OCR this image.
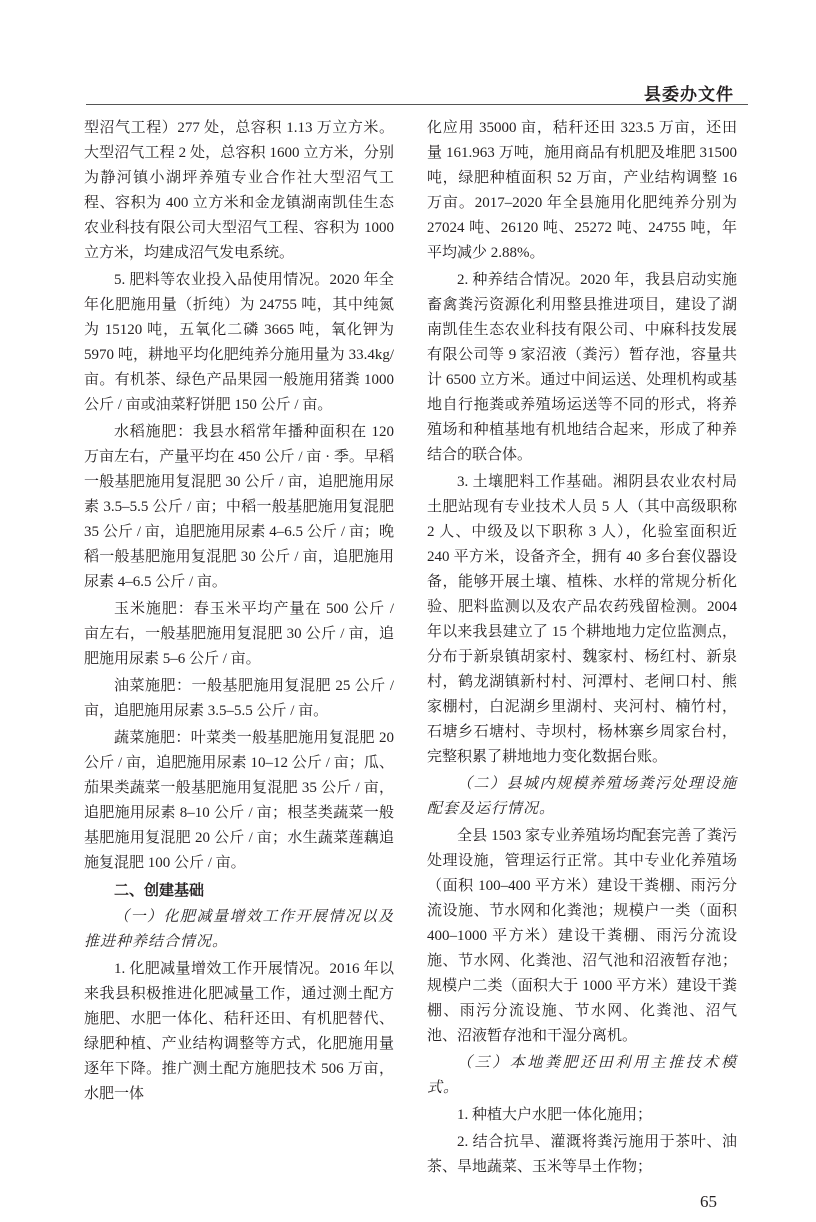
县委办文件

型沼气工程）277 处，总容积 1.13 万立方米。大型沼气工程 2 处，总容积 1600 立方米，分别为静河镇小湖坪养殖专业合作社大型沼气工程、容积为 400 立方米和金龙镇湖南凯佳生态农业科技有限公司大型沼气工程、容积为 1000 立方米，均建成沼气发电系统。

5. 肥料等农业投入品使用情况。2020 年全年化肥施用量（折纯）为 24755 吨，其中纯氮为 15120 吨，五氧化二磷 3665 吨，氧化钾为 5970 吨，耕地平均化肥纯养分施用量为 33.4kg/ 亩。有机茶、绿色产品果园一般施用猪粪 1000 公斤 / 亩或油菜籽饼肥 150 公斤 / 亩。

水稻施肥：我县水稻常年播种面积在 120 万亩左右，产量平均在 450 公斤 / 亩 · 季。早稻一般基肥施用复混肥 30 公斤 / 亩，追肥施用尿素 3.5–5.5 公斤 / 亩；中稻一般基肥施用复混肥 35 公斤 / 亩，追肥施用尿素 4–6.5 公斤 / 亩；晚稻一般基肥施用复混肥 30 公斤 / 亩，追肥施用尿素 4–6.5 公斤 / 亩。

玉米施肥：春玉米平均产量在 500 公斤 / 亩左右，一般基肥施用复混肥 30 公斤 / 亩，追肥施用尿素 5–6 公斤 / 亩。

油菜施肥：一般基肥施用复混肥 25 公斤 / 亩，追肥施用尿素 3.5–5.5 公斤 / 亩。

蔬菜施肥：叶菜类一般基肥施用复混肥 20 公斤 / 亩，追肥施用尿素 10–12 公斤 / 亩；瓜、茄果类蔬菜一般基肥施用复混肥 35 公斤 / 亩，追肥施用尿素 8–10 公斤 / 亩；根茎类蔬菜一般基肥施用复混肥 20 公斤 / 亩；水生蔬菜莲藕追施复混肥 100 公斤 / 亩。

二、创建基础

（一）化肥减量增效工作开展情况以及推进种养结合情况。

1. 化肥减量增效工作开展情况。2016 年以来我县积极推进化肥减量工作，通过测土配方施肥、水肥一体化、秸秆还田、有机肥替代、绿肥种植、产业结构调整等方式，化肥施用量逐年下降。推广测土配方施肥技术 506 万亩，水肥一体

化应用 35000 亩，秸秆还田 323.5 万亩，还田量 161.963 万吨，施用商品有机肥及堆肥 31500 吨，绿肥种植面积 52 万亩，产业结构调整 16 万亩。2017–2020 年全县施用化肥纯养分别为 27024 吨、26120 吨、25272 吨、24755 吨，年平均减少 2.88%。

2. 种养结合情况。2020 年，我县启动实施畜禽粪污资源化利用整县推进项目，建设了湖南凯佳生态农业科技有限公司、中麻科技发展有限公司等 9 家沼液（粪污）暂存池，容量共计 6500 立方米。通过中间运送、处理机构或基地自行拖粪或养殖场运送等不同的形式，将养殖场和种植基地有机地结合起来，形成了种养结合的联合体。

3. 土壤肥料工作基础。湘阴县农业农村局土肥站现有专业技术人员 5 人（其中高级职称 2 人、中级及以下职称 3 人），化验室面积近 240 平方米，设备齐全，拥有 40 多台套仪器设备，能够开展土壤、植株、水样的常规分析化验、肥料监测以及农产品农药残留检测。2004 年以来我县建立了 15 个耕地地力定位监测点，分布于新泉镇胡家村、魏家村、杨红村、新泉村，鹤龙湖镇新村村、河潭村、老闸口村、熊家棚村，白泥湖乡里湖村、夹河村、楠竹村，石塘乡石塘村、寺坝村，杨林寨乡周家台村，完整积累了耕地地力变化数据台账。

（二）县城内规模养殖场粪污处理设施配套及运行情况。

全县 1503 家专业养殖场均配套完善了粪污处理设施，管理运行正常。其中专业化养殖场（面积 100–400 平方米）建设干粪棚、雨污分流设施、节水网和化粪池；规模户一类（面积 400–1000 平方米）建设干粪棚、雨污分流设施、节水网、化粪池、沼气池和沼液暂存池；规模户二类（面积大于 1000 平方米）建设干粪棚、雨污分流设施、节水网、化粪池、沼气池、沼液暂存池和干湿分离机。

（三）本地粪肥还田利用主推技术模式。

1. 种植大户水肥一体化施用；

2. 结合抗旱、灌溉将粪污施用于茶叶、油茶、旱地蔬菜、玉米等旱土作物；

65
